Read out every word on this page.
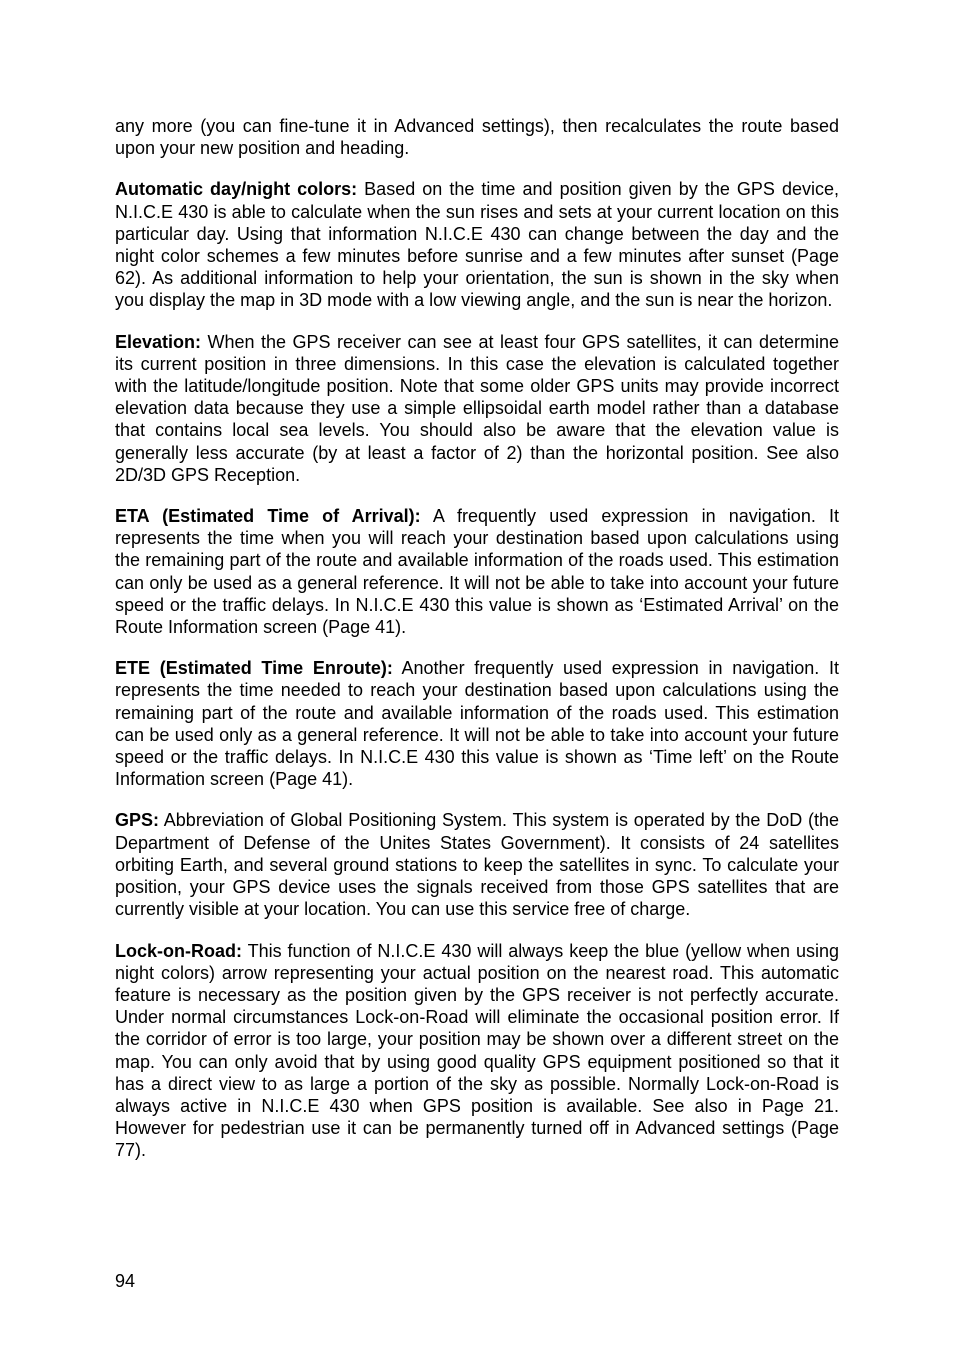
any more (you can fine-tune it in Advanced settings), then recalculates the route based upon your new position and heading.

Automatic day/night colors: Based on the time and position given by the GPS device, N.I.C.E 430 is able to calculate when the sun rises and sets at your current location on this particular day. Using that information N.I.C.E 430 can change between the day and the night color schemes a few minutes before sunrise and a few minutes after sunset (Page 62). As additional information to help your orientation, the sun is shown in the sky when you display the map in 3D mode with a low viewing angle, and the sun is near the horizon.

Elevation: When the GPS receiver can see at least four GPS satellites, it can determine its current position in three dimensions. In this case the elevation is calculated together with the latitude/longitude position. Note that some older GPS units may provide incorrect elevation data because they use a simple ellipsoidal earth model rather than a database that contains local sea levels. You should also be aware that the elevation value is generally less accurate (by at least a factor of 2) than the horizontal position. See also 2D/3D GPS Reception.

ETA (Estimated Time of Arrival): A frequently used expression in navigation. It represents the time when you will reach your destination based upon calculations using the remaining part of the route and available information of the roads used. This estimation can only be used as a general reference. It will not be able to take into account your future speed or the traffic delays. In N.I.C.E 430 this value is shown as ‘Estimated Arrival’ on the Route Information screen (Page 41).

ETE (Estimated Time Enroute): Another frequently used expression in navigation. It represents the time needed to reach your destination based upon calculations using the remaining part of the route and available information of the roads used. This estimation can be used only as a general reference. It will not be able to take into account your future speed or the traffic delays. In N.I.C.E 430 this value is shown as ‘Time left’ on the Route Information screen (Page 41).

GPS: Abbreviation of Global Positioning System. This system is operated by the DoD (the Department of Defense of the Unites States Government). It consists of 24 satellites orbiting Earth, and several ground stations to keep the satellites in sync. To calculate your position, your GPS device uses the signals received from those GPS satellites that are currently visible at your location. You can use this service free of charge.

Lock-on-Road: This function of N.I.C.E 430 will always keep the blue (yellow when using night colors) arrow representing your actual position on the nearest road. This automatic feature is necessary as the position given by the GPS receiver is not perfectly accurate. Under normal circumstances Lock-on-Road will eliminate the occasional position error. If the corridor of error is too large, your position may be shown over a different street on the map. You can only avoid that by using good quality GPS equipment positioned so that it has a direct view to as large a portion of the sky as possible. Normally Lock-on-Road is always active in N.I.C.E 430 when GPS position is available. See also in Page 21. However for pedestrian use it can be permanently turned off in Advanced settings (Page 77).

94
